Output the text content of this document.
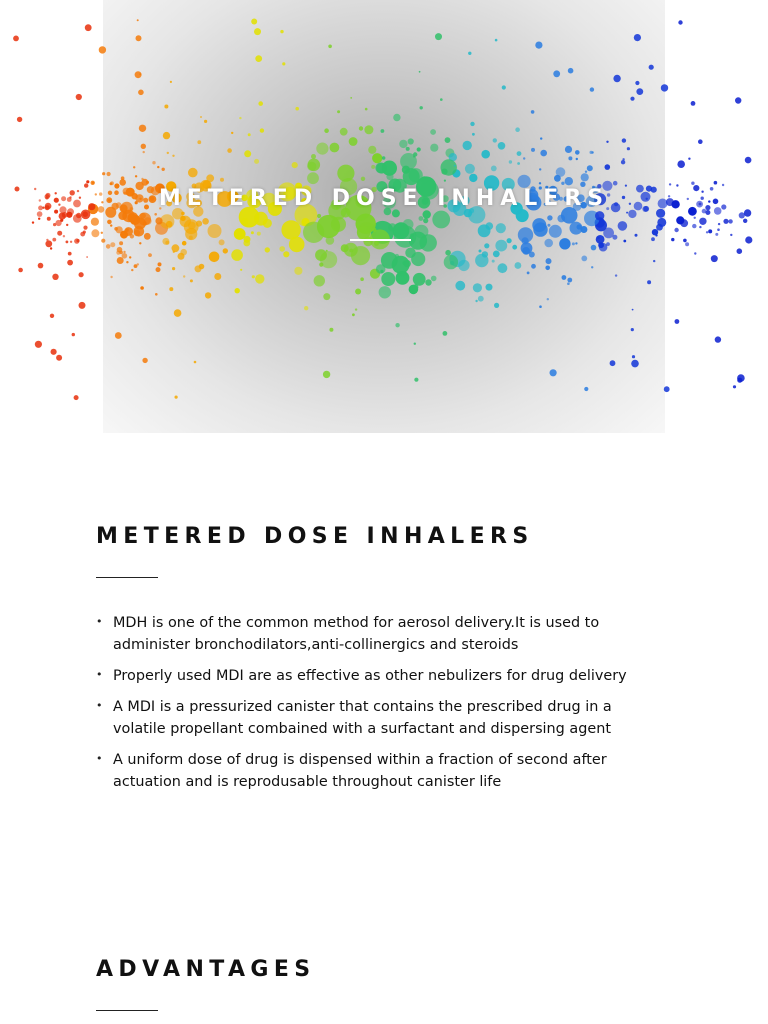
METERED DOSE INHALERS
METERED DOSE INHALERS
• MDH is one of the common method for aerosol delivery.It is used to administer bronchodilators,anti-collinergics and steroids
• Properly used MDI are as effective as other nebulizers for drug delivery
• A MDI is a pressurized canister that contains the prescribed drug in a volatile propellant combained with a surfactant and dispersing agent
• A uniform dose of drug is dispensed within a fraction of second after actuation and is reprodusable throughout canister life
ADVANTAGES
